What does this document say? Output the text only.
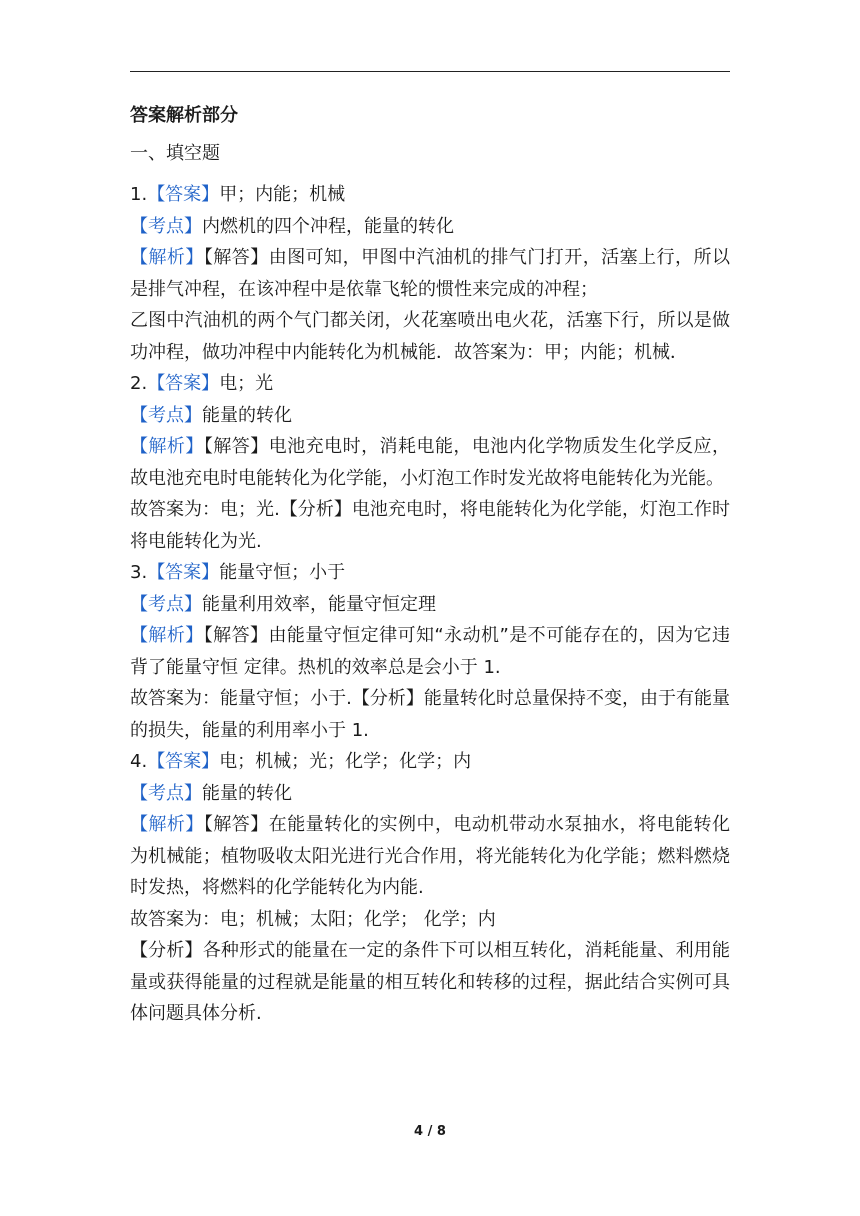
答案解析部分

一、填空题

1.【答案】甲；内能；机械

【考点】内燃机的四个冲程，能量的转化

【解析】【解答】由图可知，甲图中汽油机的排气门打开，活塞上行，所以是排气冲程，在该冲程中是依靠飞轮的惯性来完成的冲程；

乙图中汽油机的两个气门都关闭，火花塞喷出电火花，活塞下行，所以是做功冲程，做功冲程中内能转化为机械能．故答案为：甲；内能；机械．

2.【答案】电；光

【考点】能量的转化

【解析】【解答】电池充电时，消耗电能，电池内化学物质发生化学反应，故电池充电时电能转化为化学能，小灯泡工作时发光故将电能转化为光能。

故答案为：电；光.【分析】电池充电时，将电能转化为化学能，灯泡工作时将电能转化为光.

3.【答案】能量守恒；小于

【考点】能量利用效率，能量守恒定理

【解析】【解答】由能量守恒定律可知“永动机”是不可能存在的，因为它违背了能量守恒 定律。热机的效率总是会小于 1.

故答案为：能量守恒；小于.【分析】能量转化时总量保持不变，由于有能量的损失，能量的利用率小于 1.

4.【答案】电；机械；光；化学；化学；内

【考点】能量的转化

【解析】【解答】在能量转化的实例中，电动机带动水泵抽水，将电能转化为机械能；植物吸收太阳光进行光合作用，将光能转化为化学能；燃料燃烧时发热，将燃料的化学能转化为内能.

故答案为：电；机械；太阳；化学； 化学；内

【分析】各种形式的能量在一定的条件下可以相互转化，消耗能量、利用能量或获得能量的过程就是能量的相互转化和转移的过程，据此结合实例可具体问题具体分析.

4 / 8
